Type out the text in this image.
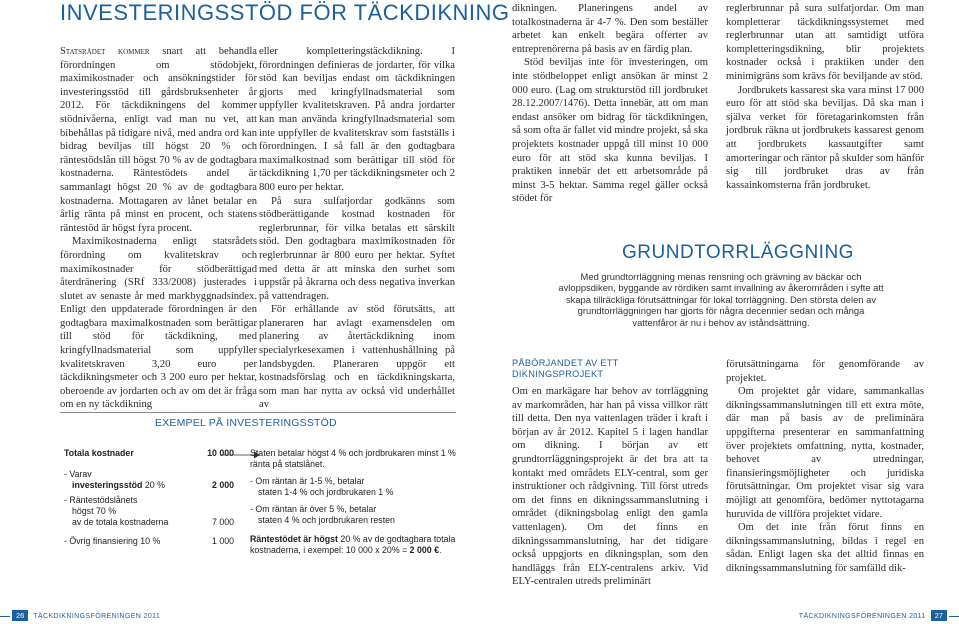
INVESTERINGSSTÖD FÖR TÄCKDIKNING

Statsrådet kommer snart att behandla förordningen om stödobjekt, maximikostnader och ansökningstider för investeringsstöd till gårdsbruksenheter år 2012. För täckdikningens del kommer stödnivåerna, enligt vad man nu vet, att bibehållas på tidigare nivå, med andra ord kan bidrag beviljas till högst 20 % och räntestödslån till högst 70 % av de godtagbara kostnaderna. Räntestödets andel är sammanlagt högst 20 % av de godtagbara kostnaderna. Mottagaren av lånet betalar en årlig ränta på minst en procent, och statens räntestöd är högst fyra procent.

Maximikostnaderna enligt statsrådets förordning om kvalitetskrav och maximikostnader för stödberättigad återdränering (SRf 333/2008) justerades i slutet av senaste år med markbyggnadsindex. Enligt den uppdaterade förordningen är den godtagbara maximalkostnaden som berättigar till stöd för täckdikning, med kringfyllnadsmaterial som uppfyller kvalitetskraven 3,20 euro per täckdikningsmeter och 3 200 euro per hektar, oberoende av jordarten och av om det är fråga om en ny täckdikning

eller kompletteringstäckdikning. I förordningen definieras de jordarter, för vilka stöd kan beviljas endast om täckdikningen gjorts med kringfyllnadsmaterial som uppfyller kvalitetskraven. På andra jordarter kan man använda kringfyllnadsmaterial som inte uppfyller de kvalitetskrav som fastställs i förordningen. I så fall är den godtagbara maximalkostnad som berättigar till stöd för täckdikning 1,70 per täckdikningsmeter och 2 800 euro per hektar.

På sura sulfatjordar godkänns som stödberättigande kostnad kostnaden för reglerbrunnar, för vilka betalas ett särskilt stöd. Den godtagbara maximikostnaden för reglerbrunnar är 800 euro per hektar. Syftet med detta är att minska den surhet som uppstår på åkrarna och dess negativa inverkan på vattendragen.

För erhållande av stöd förutsätts, att planeraren har avlagt examensdelen om planering av återtäckdikning inom specialyrkesexamen i vattenhushållning på landsbygden. Planeraren uppgör ett kostnadsförslag och en täckdikningskarta, som man har nytta av också vid underhållet av

dikningen. Planeringens andel av totalkostnaderna är 4-7 %. Den som beställer arbetet kan enkelt begära offerter av entreprenörerna på basis av en färdig plan.

Stöd beviljas inte för investeringen, om inte stödbeloppet enligt ansökan är minst 2 000 euro. (Lag om strukturstöd till jordbruket 28.12.2007/1476). Detta innebär, att om man endast ansöker om bidrag för täckdikningen, så som ofta är fallet vid mindre projekt, så ska projektets kostnader uppgå till minst 10 000 euro för att stöd ska kunna beviljas. I praktiken innebär det ett arbetsområde på minst 3-5 hektar. Samma regel gäller också stödet för

reglerbrunnar på sura sulfatjordar. Om man kompletterar täckdikningssystemet med reglerbrunnar utan att samtidigt utföra kompletteringsdikning, blir projektets kostnader också i praktiken under den minimigräns som krävs för beviljande av stöd.

Jordbrukets kassarest ska vara minst 17 000 euro för att stöd ska beviljas. Då ska man i själva verket för företagarinkomsten från jordbruk räkna ut jordbrukets kassarest genom att jordbrukets kassautgifter samt amorteringar och räntor på skulder som hänför sig till jordbruket dras av från kassainkomsterna från jordbruket.

EXEMPEL PÅ INVESTERINGSSTÖD
Totala kostnader	10 000
- Varav
investeringsstöd 20 %	2 000
- Räntestödslånets
högst 70 %
av de totala kostnaderna	7 000
- Övrig finansiering 10 %	1 000
Staten betalar högst 4 % och jordbrukaren minst 1 % ränta på statslånet.
- Om räntan är 1-5 %, betalar
staten 1-4 % och jordbrukaren 1 %
- Om räntan är över 5 %, betalar
staten 4 % och jordbrukaren resten
Räntestödet är högst 20 % av de godtagbara totala kostnaderna, i exempel: 10 000 x 20% = 2 000 €.
GRUNDTORRLÄGGNING
Med grundtorrläggning menas rensning och grävning av bäckar och avloppsdiken, byggande av rördiken samt invallning av åkerområden i syfte att skapa tillräckliga förutsättningar för lokal torrläggning. Den största delen av grundtorrläggningen har gjorts för några decennier sedan och många vattenfåror är nu i behov av iståndsättning.
PÅBÖRJANDET AV ETT
DIKNINGSPROJEKT

Om en markägare har behov av torrläggning av markområden, har han på vissa villkor rätt till detta. Den nya vattenlagen träder i kraft i början av år 2012. Kapitel 5 i lagen handlar om dikning. I början av ett grundtorrläggningsprojekt är det bra att ta kontakt med områdets ELY-central, som ger instruktioner och rådgivning. Till först utreds om det finns en dikningssammanslutning i området (dikningsbolag enligt den gamla vattenlagen). Om det finns en dikningssammanslutning, har det tidigare också uppgjorts en dikningsplan, som den handläggs från ELY-centralens arkiv. Vid ELY-centralen utreds preliminärt

förutsättningarna för genomförande av projektet.

Om projektet går vidare, sammankallas dikningssammanslutningen till ett extra möte, där man på basis av de preliminära uppgifterna presenterar en sammanfattning över projektets omfattning, nytta, kostnader, behovet av utredningar, finansieringsmöjligheter och juridiska förutsättningar. Om projektet visar sig vara möjligt att genomföra, bedömer nyttotagarna huruvida de villföra projektet vidare.

Om det inte från förut finns en dikningssammanslutning, bildas i regel en sådan. Enligt lagen ska det alltid finnas en dikningssammanslutning för samfälld dik-

26 TÄCKDIKNINGSFÖRENINGEN 2011	TÄCKDIKNINGSFÖRENINGEN 2011 27
